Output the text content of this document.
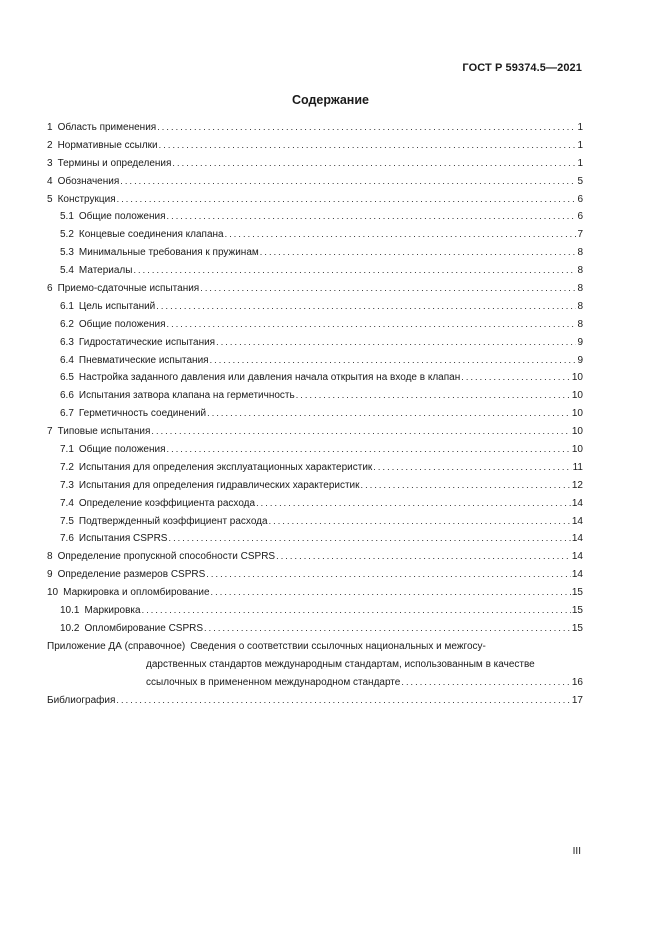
ГОСТ Р 59374.5—2021
Содержание
1 Область применения . . .	1
2 Нормативные ссылки . . .	1
3 Термины и определения . . .	1
4 Обозначения . . .	5
5 Конструкция . . .	6
5.1 Общие положения . . .	6
5.2 Концевые соединения клапана . . .	7
5.3 Минимальные требования к пружинам . . .	8
5.4 Материалы . . .	8
6 Приемо-сдаточные испытания . . .	8
6.1 Цель испытаний . . .	8
6.2 Общие положения . . .	8
6.3 Гидростатические испытания . . .	9
6.4 Пневматические испытания . . .	9
6.5 Настройка заданного давления или давления начала открытия на входе в клапан . . .	10
6.6 Испытания затвора клапана на герметичность . . .	10
6.7 Герметичность соединений . . .	10
7 Типовые испытания . . .	10
7.1 Общие положения . . .	10
7.2 Испытания для определения эксплуатационных характеристик . . .	11
7.3 Испытания для определения гидравлических характеристик . . .	12
7.4 Определение коэффициента расхода . . .	14
7.5 Подтвержденный коэффициент расхода . . .	14
7.6 Испытания CSPRS . . .	14
8 Определение пропускной способности CSPRS . . .	14
9 Определение размеров CSPRS . . .	14
10 Маркировка и опломбирование . . .	15
10.1 Маркировка . . .	15
10.2 Опломбирование CSPRS . . .	15
Приложение ДА (справочное) Сведения о соответствии ссылочных национальных и межгосу-
дарственных стандартов международным стандартам, использованным в качестве
ссылочных в примененном международном стандарте . . .	16
Библиография . . .	17
III
